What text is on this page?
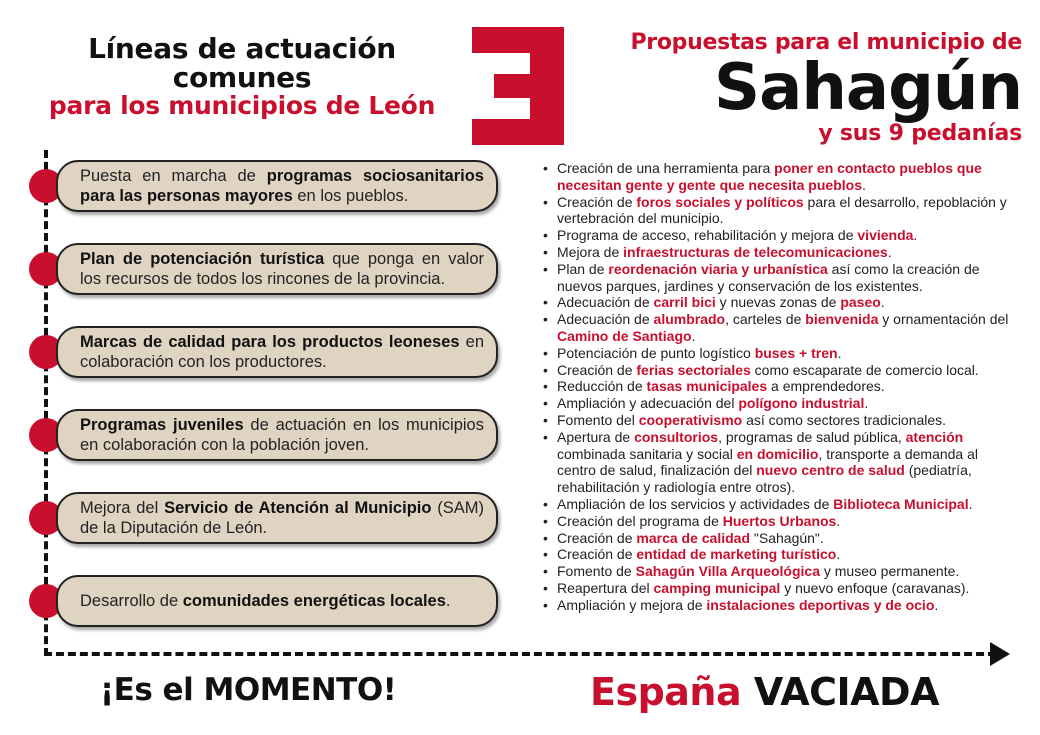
Líneas de actuación comunes
para los municipios de León
Propuestas para el municipio de
Sahagún
y sus 9 pedanías
Puesta en marcha de programas sociosanitarios para las personas mayores en los pueblos.
Plan de potenciación turística que ponga en valor los recursos de todos los rincones de la provincia.
Marcas de calidad para los productos leoneses en colaboración con los productores.
Programas juveniles de actuación en los municipios en colaboración con la población joven.
Mejora del Servicio de Atención al Municipio (SAM) de la Diputación de León.
Desarrollo de comunidades energéticas locales.
• Creación de una herramienta para poner en contacto pueblos que necesitan gente y gente que necesita pueblos.
• Creación de foros sociales y políticos para el desarrollo, repoblación y vertebración del municipio.
• Programa de acceso, rehabilitación y mejora de vivienda.
• Mejora de infraestructuras de telecomunicaciones.
• Plan de reordenación viaria y urbanística así como la creación de nuevos parques, jardines y conservación de los existentes.
• Adecuación de carril bici y nuevas zonas de paseo.
• Adecuación de alumbrado, carteles de bienvenida y ornamentación del Camino de Santiago.
• Potenciación de punto logístico buses + tren.
• Creación de ferias sectoriales como escaparate de comercio local.
• Reducción de tasas municipales a emprendedores.
• Ampliación y adecuación del polígono industrial.
• Fomento del cooperativismo así como sectores tradicionales.
• Apertura de consultorios, programas de salud pública, atención combinada sanitaria y social en domicilio, transporte a demanda al centro de salud, finalización del nuevo centro de salud (pediatría, rehabilitación y radiología entre otros).
• Ampliación de los servicios y actividades de Biblioteca Municipal.
• Creación del programa de Huertos Urbanos.
• Creación de marca de calidad "Sahagún".
• Creación de entidad de marketing turístico.
• Fomento de Sahagún Villa Arqueológica y museo permanente.
• Reapertura del camping municipal y nuevo enfoque (caravanas).
• Ampliación y mejora de instalaciones deportivas y de ocio.
¡Es el MOMENTO!	España VACIADA
